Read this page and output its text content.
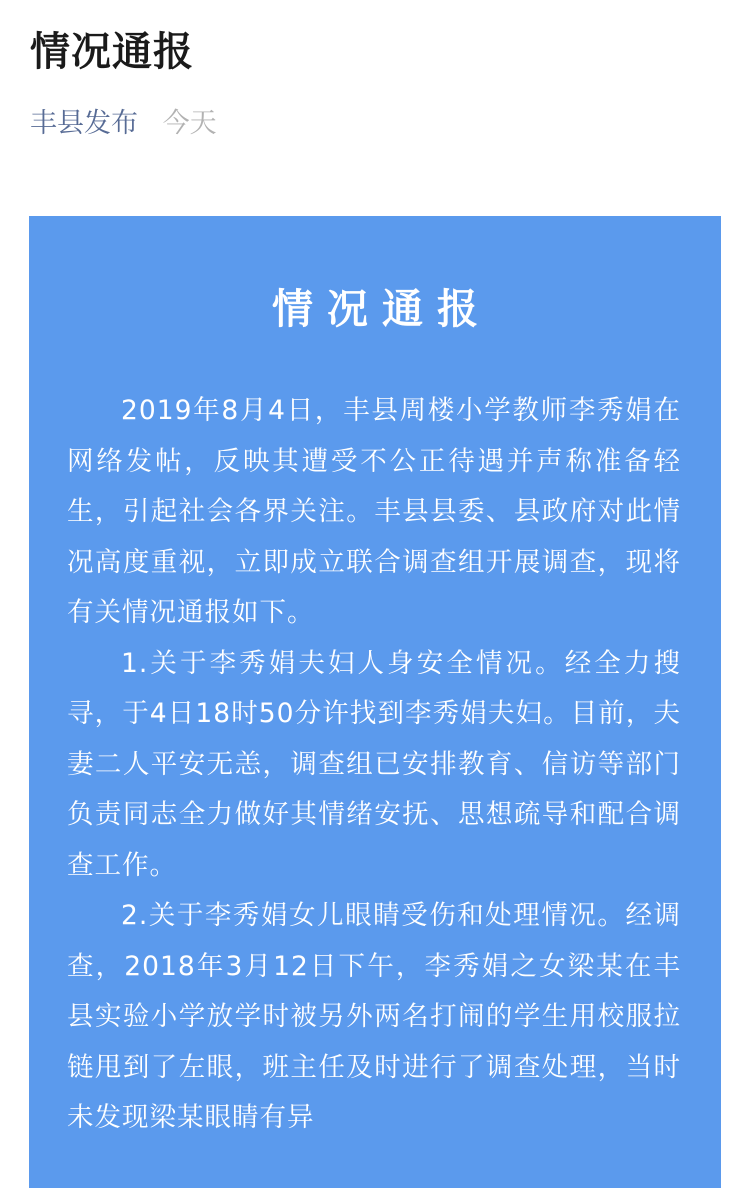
情况通报
丰县发布 今天
情况通报

2019年8月4日，丰县周楼小学教师李秀娟在网络发帖，反映其遭受不公正待遇并声称准备轻生，引起社会各界关注。丰县县委、县政府对此情况高度重视，立即成立联合调查组开展调查，现将有关情况通报如下。

1.关于李秀娟夫妇人身安全情况。经全力搜寻，于4日18时50分许找到李秀娟夫妇。目前，夫妻二人平安无恙，调查组已安排教育、信访等部门负责同志全力做好其情绪安抚、思想疏导和配合调查工作。

2.关于李秀娟女儿眼睛受伤和处理情况。经调查，2018年3月12日下午，李秀娟之女梁某在丰县实验小学放学时被另外两名打闹的学生用校服拉链甩到了左眼，班主任及时进行了调查处理，当时未发现梁某眼睛有异
